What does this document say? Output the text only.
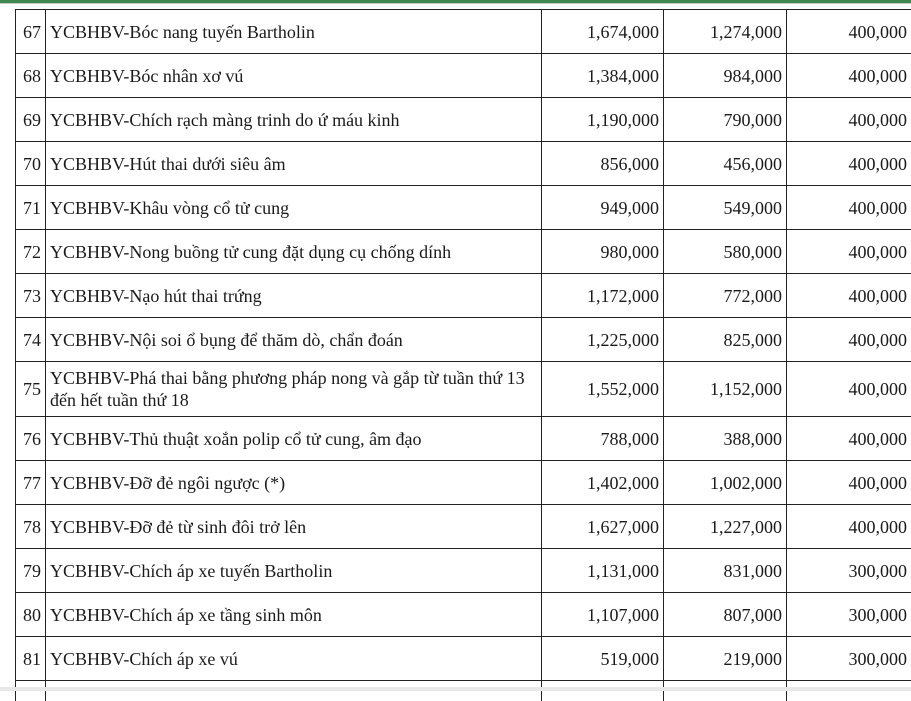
67	YCBHBV-Bóc nang tuyến Bartholin	1,674,000	1,274,000	400,000
68	YCBHBV-Bóc nhân xơ vú	1,384,000	984,000	400,000
69	YCBHBV-Chích rạch màng trinh do ứ máu kinh	1,190,000	790,000	400,000
70	YCBHBV-Hút thai dưới siêu âm	856,000	456,000	400,000
71	YCBHBV-Khâu vòng cổ tử cung	949,000	549,000	400,000
72	YCBHBV-Nong buồng tử cung đặt dụng cụ chống dính	980,000	580,000	400,000
73	YCBHBV-Nạo hút thai trứng	1,172,000	772,000	400,000
74	YCBHBV-Nội soi ổ bụng để thăm dò, chẩn đoán	1,225,000	825,000	400,000
75	YCBHBV-Phá thai bằng phương pháp nong và gắp từ tuần thứ 13 đến hết tuần thứ 18	1,552,000	1,152,000	400,000
76	YCBHBV-Thủ thuật xoắn polip cổ tử cung, âm đạo	788,000	388,000	400,000
77	YCBHBV-Đỡ đẻ ngôi ngược (*)	1,402,000	1,002,000	400,000
78	YCBHBV-Đỡ đẻ từ sinh đôi trở lên	1,627,000	1,227,000	400,000
79	YCBHBV-Chích áp xe tuyến Bartholin	1,131,000	831,000	300,000
80	YCBHBV-Chích áp xe tầng sinh môn	1,107,000	807,000	300,000
81	YCBHBV-Chích áp xe vú	519,000	219,000	300,000
